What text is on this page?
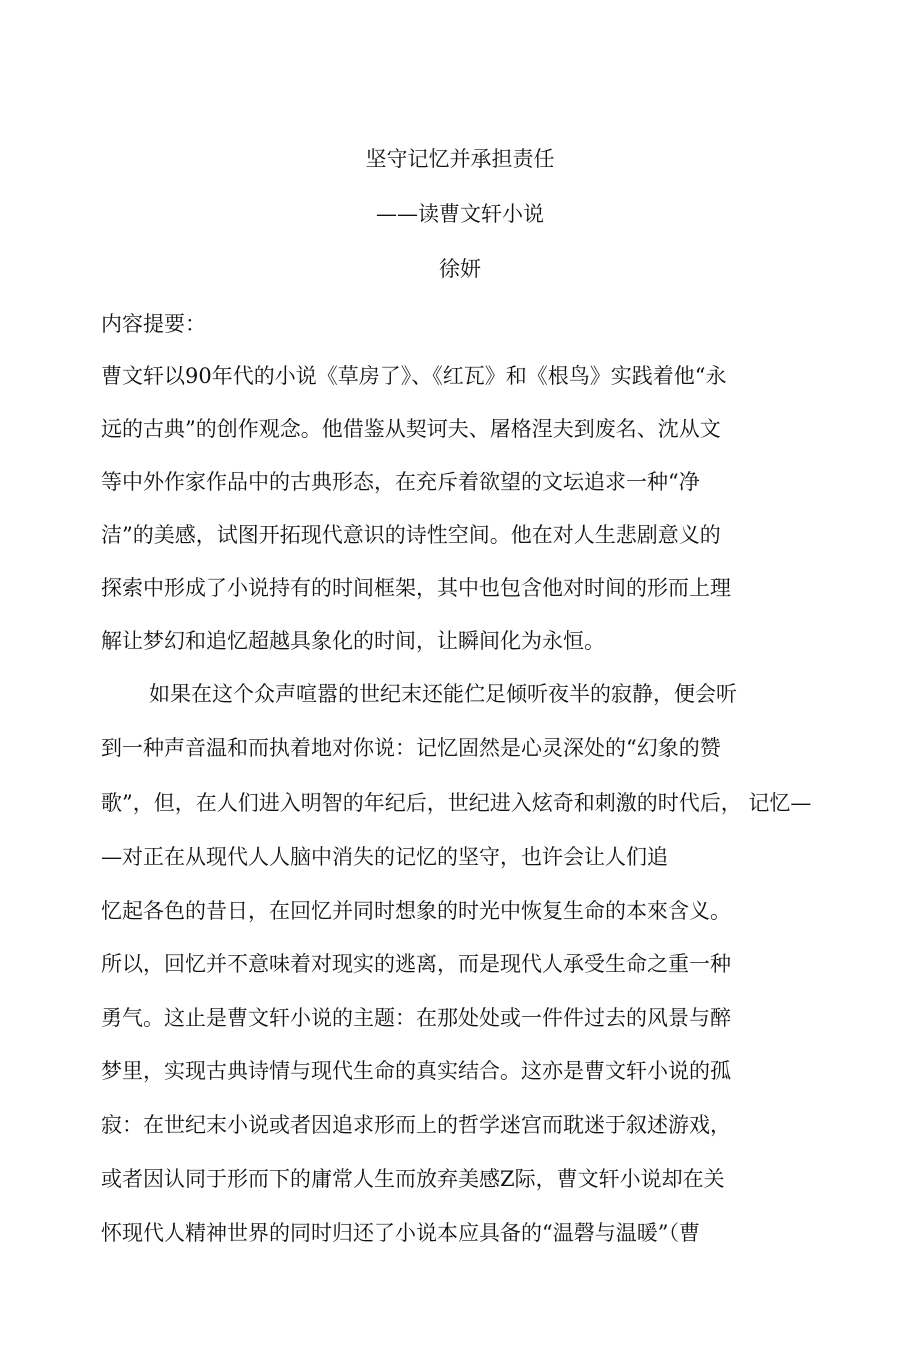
坚守记忆并承担责任
——读曹文轩小说
徐妍
内容提要：
曹文轩以90年代的小说《草房了》、《红瓦》和《根鸟》实践着他“永
远的古典”的创作观念。他借鉴从契诃夫、屠格涅夫到废名、沈从文
等中外作家作品中的古典形态，在充斥着欲望的文坛追求一种“净
洁”的美感，试图开拓现代意识的诗性空间。他在对人生悲剧意义的
探索中形成了小说持有的时间框架，其中也包含他对时间的形而上理
解让梦幻和追忆超越具象化的时间，让瞬间化为永恒。
如果在这个众声喧嚣的世纪末还能伫足倾听夜半的寂静，便会听
到一种声音温和而执着地对你说：记忆固然是心灵深处的“幻象的赞
歌”，但，在人们进入明智的年纪后，世纪进入炫奇和刺激的时代后， 记忆—
—对正在从现代人人脑中消失的记忆的坚守，也许会让人们追
忆起各色的昔日，在回忆并同时想象的时光中恢复生命的本來含义。
所以，回忆并不意味着对现实的逃离，而是现代人承受生命之重一种
勇气。这止是曹文轩小说的主题：在那处处或一件件过去的风景与醉
梦里，实现古典诗情与现代生命的真实结合。这亦是曹文轩小说的孤
寂：在世纪末小说或者因追求形而上的哲学迷宫而耽迷于叙述游戏，
或者因认同于形而下的庸常人生而放弃美感Z际，曹文轩小说却在关
怀现代人精神世界的同时归还了小说本应具备的“温磬与温暖”（曹
